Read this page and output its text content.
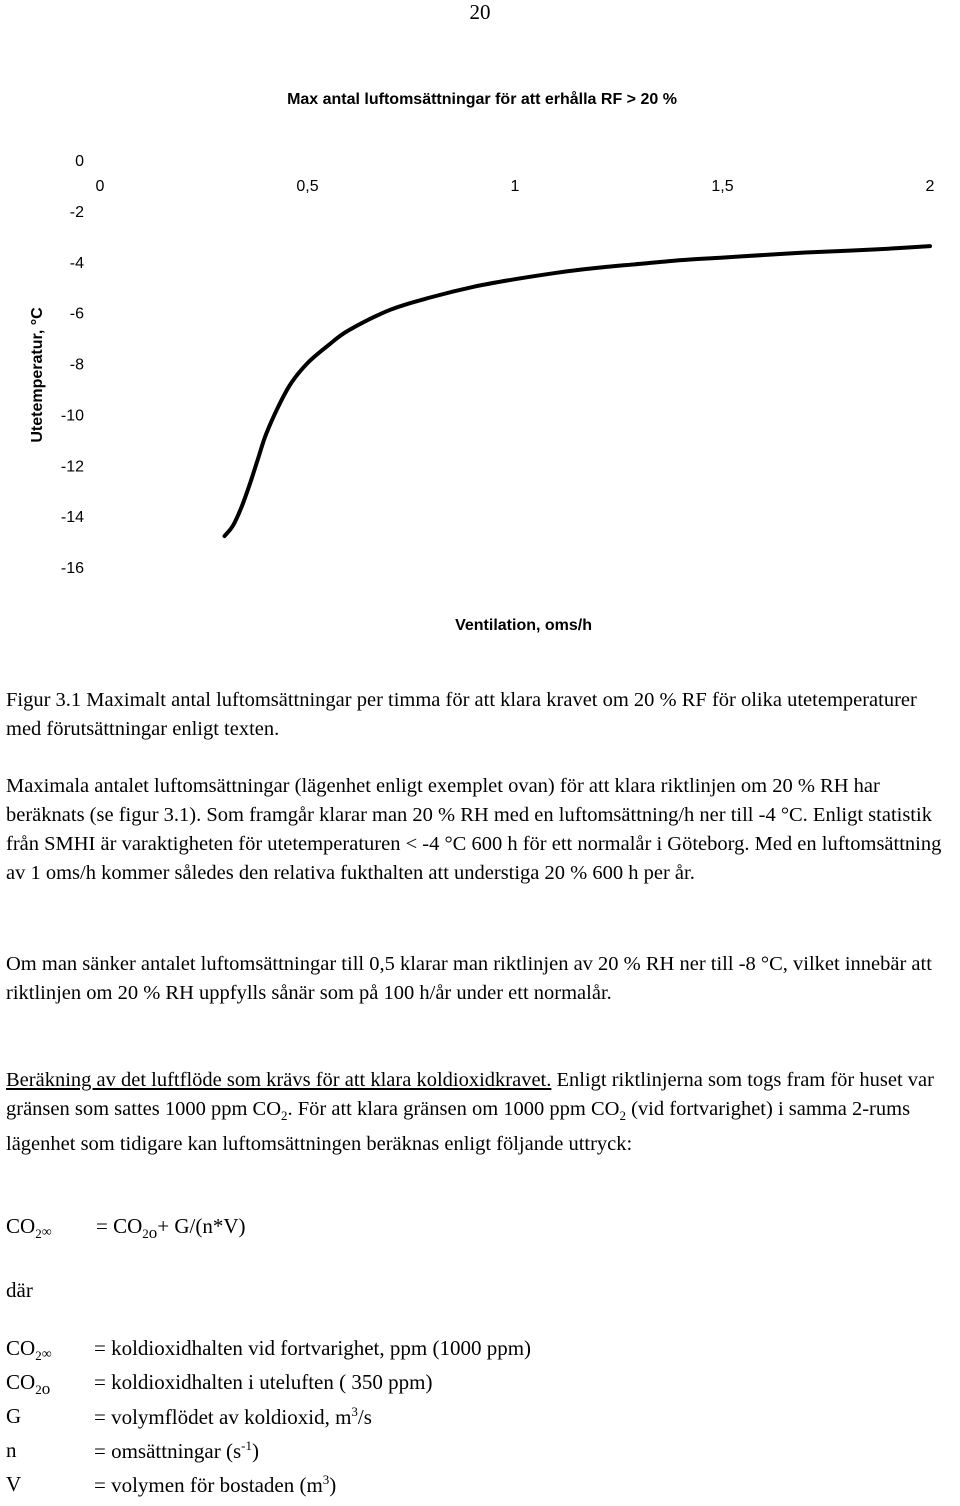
20
Max antal luftomsättningar för att erhålla RF > 20 %
Utetemperatur, °C
Ventilation, oms/h
0
-2
-4
-6
-8
-10
-12
-14
-16
0	0,5	1	1,5	2
Figur 3.1 Maximalt antal luftomsättningar per timma för att klara kravet om 20 % RF för olika utetemperaturer med förutsättningar enligt texten.
Maximala antalet luftomsättningar (lägenhet enligt exemplet ovan) för att klara riktlinjen om 20 % RH har beräknats (se figur 3.1). Som framgår klarar man 20 % RH med en luftomsättning/h ner till -4 °C. Enligt statistik från SMHI är varaktigheten för utetemperaturen < -4 °C 600 h för ett normalår i Göteborg. Med en luftomsättning av 1 oms/h kommer således den relativa fukthalten att understiga 20 % 600 h per år.
Om man sänker antalet luftomsättningar till 0,5 klarar man riktlinjen av 20 % RH ner till -8 °C, vilket innebär att riktlinjen om 20 % RH uppfylls sånär som på 100 h/år under ett normalår.
Beräkning av det luftflöde som krävs för att klara koldioxidkravet. Enligt riktlinjerna som togs fram för huset var gränsen som sattes 1000 ppm $CO_2$. För att klara gränsen om 1000 ppm $CO_2$ (vid fortvarighet) i samma 2-rums lägenhet som tidigare kan luftomsättningen beräknas enligt följande uttryck:
$CO_2\infty = CO_{2o}+ G/(n*V)$
där
$CO_2\infty$ = koldioxidhalten vid fortvarighet, ppm (1000 ppm)
$CO_{2o}$ = koldioxidhalten i uteluften ( 350 ppm)
G	= volymflödet av koldioxid, $m^3/s$
n	= omsättningar $(s^{-1})$
V	= volymen för bostaden $(m^3)$
